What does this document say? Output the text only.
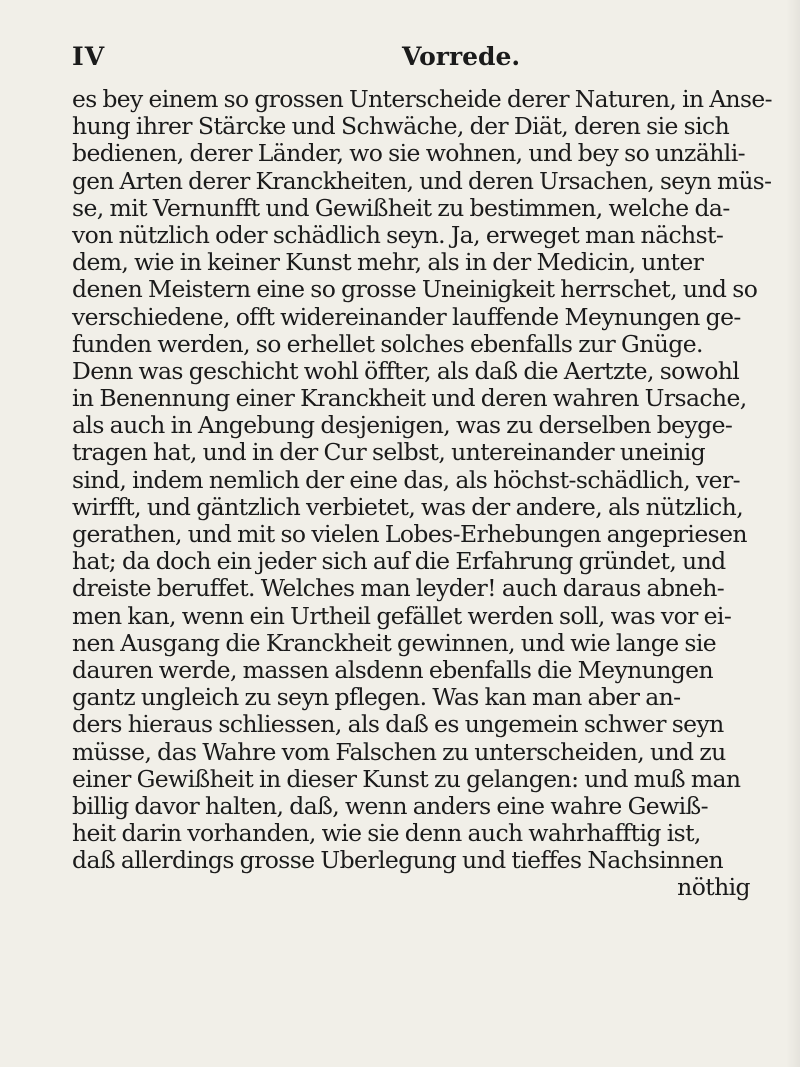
IV	Vorrede.
es bey einem so grossen Unterscheide derer Naturen, in Anse-
hung ihrer Stärcke und Schwäche, der Diät, deren sie sich
bedienen, derer Länder, wo sie wohnen, und bey so unzähli-
gen Arten derer Kranckheiten, und deren Ursachen, seyn müs-
se, mit Vernunfft und Gewißheit zu bestimmen, welche da-
von nützlich oder schädlich seyn. Ja, erweget man nächst-
dem, wie in keiner Kunst mehr, als in der Medicin, unter
denen Meistern eine so grosse Uneinigkeit herrschet, und so
verschiedene, offt widereinander lauffende Meynungen ge-
funden werden, so erhellet solches ebenfalls zur Gnüge.
Denn was geschicht wohl öffter, als daß die Aertzte, sowohl
in Benennung einer Kranckheit und deren wahren Ursache,
als auch in Angebung desjenigen, was zu derselben beyge-
tragen hat, und in der Cur selbst, untereinander uneinig
sind, indem nemlich der eine das, als höchst-schädlich, ver-
wirfft, und gäntzlich verbietet, was der andere, als nützlich,
gerathen, und mit so vielen Lobes-Erhebungen angepriesen
hat; da doch ein jeder sich auf die Erfahrung gründet, und
dreiste beruffet. Welches man leyder! auch daraus abneh-
men kan, wenn ein Urtheil gefället werden soll, was vor ei-
nen Ausgang die Kranckheit gewinnen, und wie lange sie
dauren werde, massen alsdenn ebenfalls die Meynungen
gantz ungleich zu seyn pflegen. Was kan man aber an-
ders hieraus schliessen, als daß es ungemein schwer seyn
müsse, das Wahre vom Falschen zu unterscheiden, und zu
einer Gewißheit in dieser Kunst zu gelangen: und muß man
billig davor halten, daß, wenn anders eine wahre Gewiß-
heit darin vorhanden, wie sie denn auch wahrhafftig ist,
daß allerdings grosse Uberlegung und tieffes Nachsinnen
nöthig
